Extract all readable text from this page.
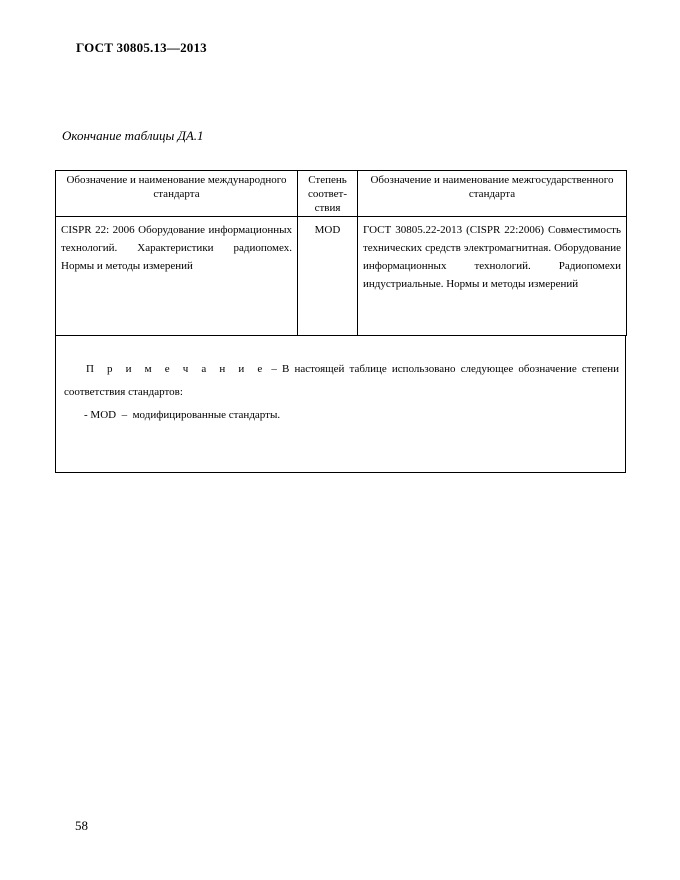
ГОСТ 30805.13—2013
Окончание таблицы ДА.1
Обозначение и наименование международного стандарта	Степень соответ-ствия	Обозначение и наименование межгосударственного стандарта
CISPR 22: 2006 Оборудование информационных технологий. Характеристики радиопомех. Нормы и методы измерений	MOD	ГОСТ 30805.22-2013 (CISPR 22:2006) Совместимость технических средств электромагнитная. Оборудование информационных технологий. Радиопомехи индустриальные. Нормы и методы измерений
П р и м е ч а н и е – В настоящей таблице использовано следующее обозначение степени соответствия стандартов:
- MOD  –  модифицированные стандарты.
58
